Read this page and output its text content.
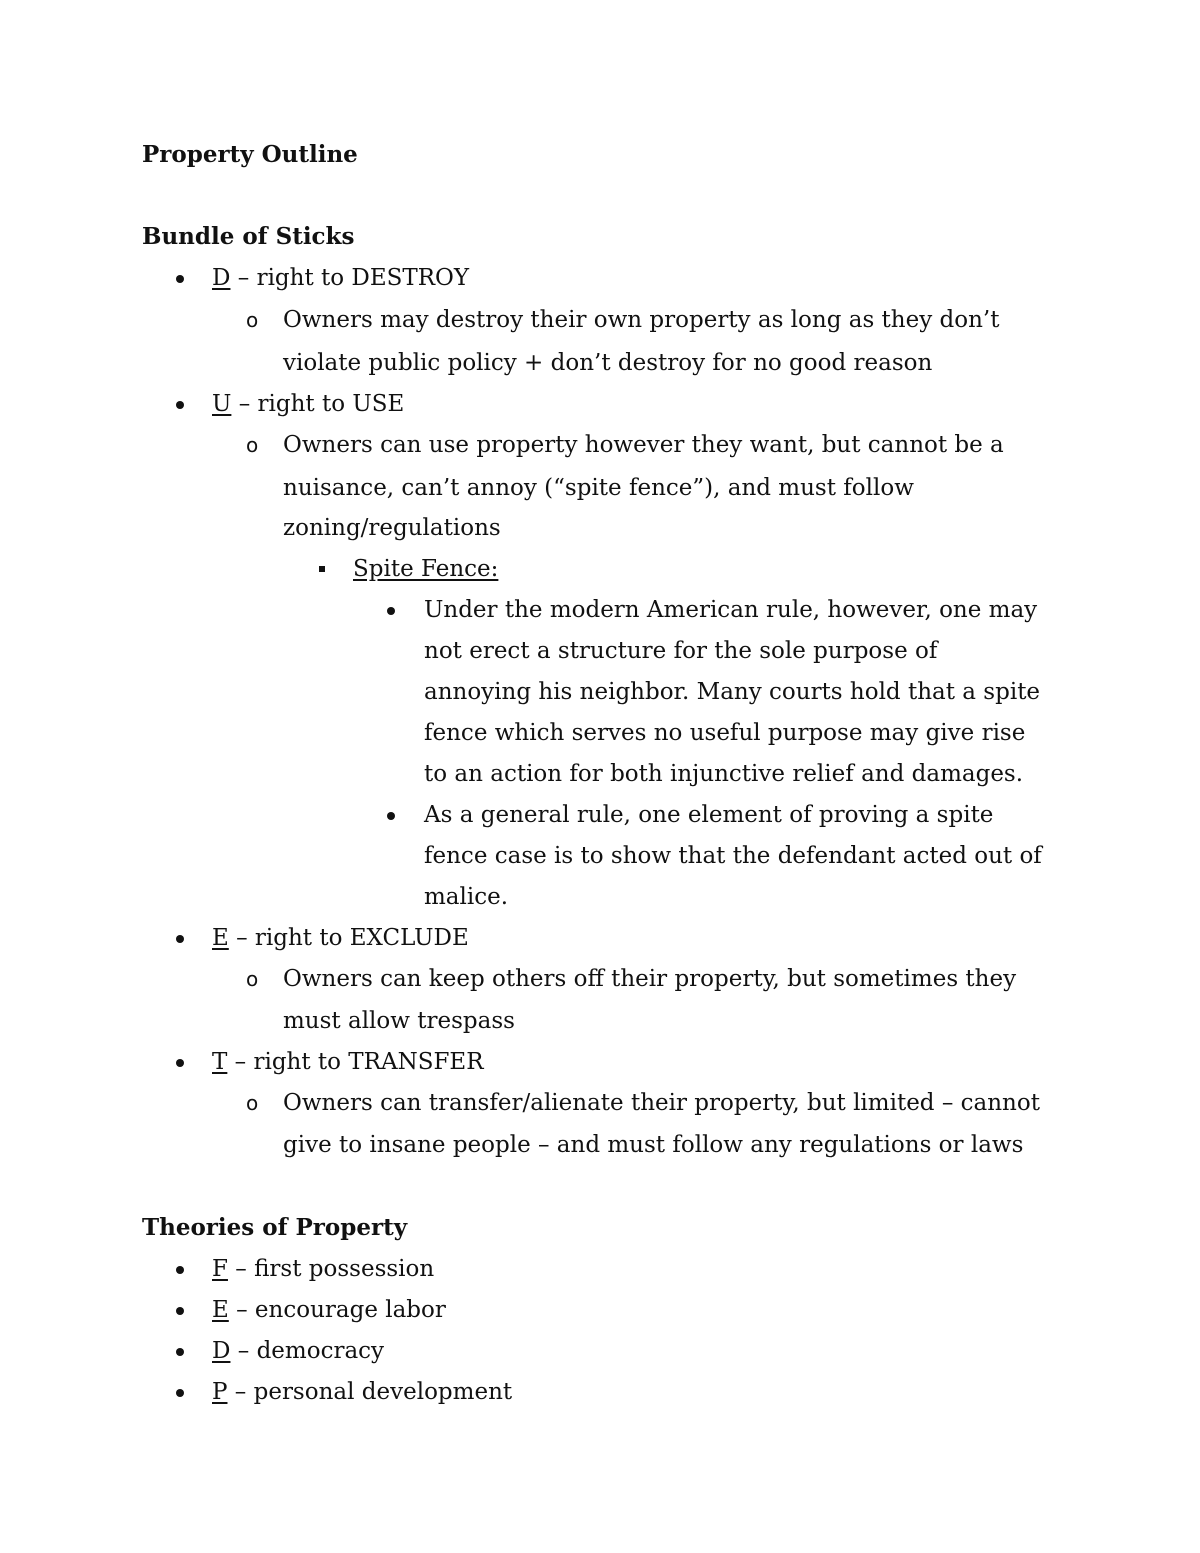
Property Outline
Bundle of Sticks
D – right to DESTROY
o Owners may destroy their own property as long as they don’t
violate public policy + don’t destroy for no good reason
U – right to USE
o Owners can use property however they want, but cannot be a
nuisance, can’t annoy (“spite fence”), and must follow
zoning/regulations
Spite Fence:
Under the modern American rule, however, one may
not erect a structure for the sole purpose of
annoying his neighbor. Many courts hold that a spite
fence which serves no useful purpose may give rise
to an action for both injunctive relief and damages.
As a general rule, one element of proving a spite
fence case is to show that the defendant acted out of
malice.
E – right to EXCLUDE
o Owners can keep others off their property, but sometimes they
must allow trespass
T – right to TRANSFER
o Owners can transfer/alienate their property, but limited – cannot
give to insane people – and must follow any regulations or laws
Theories of Property
F – first possession
E – encourage labor
D – democracy
P – personal development
